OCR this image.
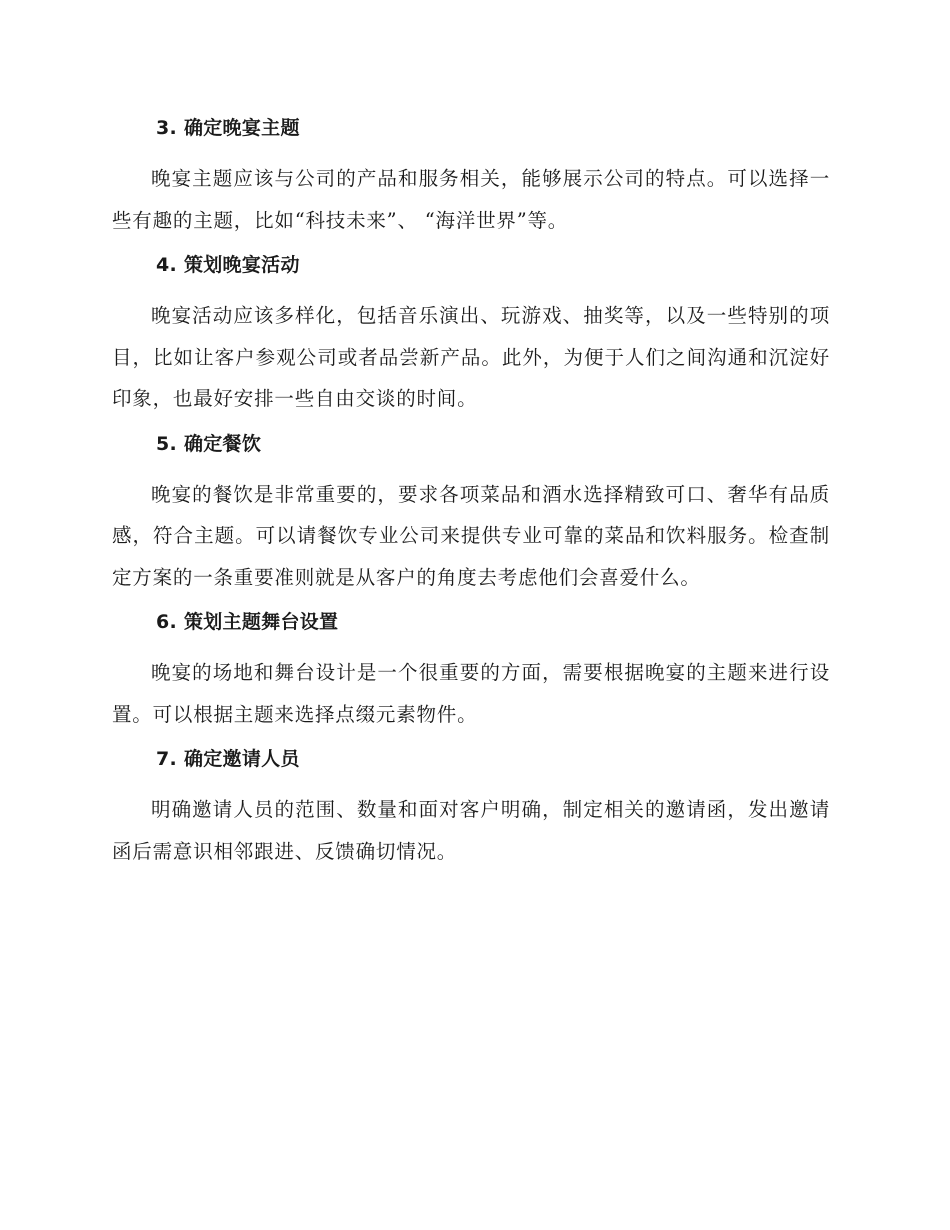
3. 确定晚宴主题

晚宴主题应该与公司的产品和服务相关，能够展示公司的特点。可以选择一些有趣的主题，比如“科技未来”、 “海洋世界”等。

4. 策划晚宴活动

晚宴活动应该多样化，包括音乐演出、玩游戏、抽奖等，以及一些特别的项目，比如让客户参观公司或者品尝新产品。此外，为便于人们之间沟通和沉淀好印象，也最好安排一些自由交谈的时间。

5. 确定餐饮

晚宴的餐饮是非常重要的，要求各项菜品和酒水选择精致可口、奢华有品质感，符合主题。可以请餐饮专业公司来提供专业可靠的菜品和饮料服务。检查制定方案的一条重要准则就是从客户的角度去考虑他们会喜爱什么。

6. 策划主题舞台设置

晚宴的场地和舞台设计是一个很重要的方面，需要根据晚宴的主题来进行设置。可以根据主题来选择点缀元素物件。

7. 确定邀请人员

明确邀请人员的范围、数量和面对客户明确，制定相关的邀请函，发出邀请函后需意识相邻跟进、反馈确切情况。
